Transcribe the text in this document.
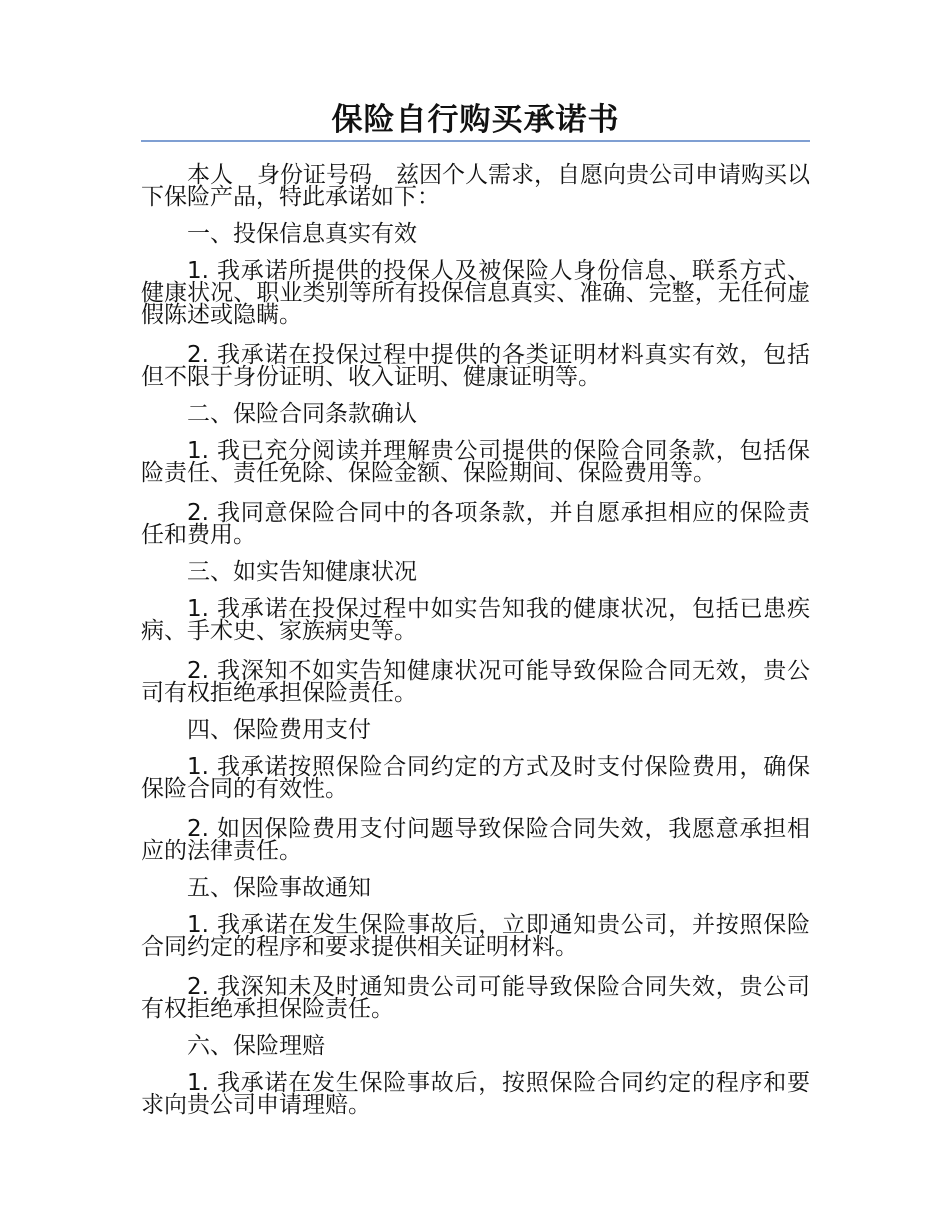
保险自行购买承诺书

本人 身份证号码 兹因个人需求，自愿向贵公司申请购买以下保险产品，特此承诺如下：

一、投保信息真实有效

1. 我承诺所提供的投保人及被保险人身份信息、联系方式、健康状况、职业类别等所有投保信息真实、准确、完整，无任何虚假陈述或隐瞒。

2. 我承诺在投保过程中提供的各类证明材料真实有效，包括但不限于身份证明、收入证明、健康证明等。

二、保险合同条款确认

1. 我已充分阅读并理解贵公司提供的保险合同条款，包括保险责任、责任免除、保险金额、保险期间、保险费用等。

2. 我同意保险合同中的各项条款，并自愿承担相应的保险责任和费用。

三、如实告知健康状况

1. 我承诺在投保过程中如实告知我的健康状况，包括已患疾病、手术史、家族病史等。

2. 我深知不如实告知健康状况可能导致保险合同无效，贵公司有权拒绝承担保险责任。

四、保险费用支付

1. 我承诺按照保险合同约定的方式及时支付保险费用，确保保险合同的有效性。

2. 如因保险费用支付问题导致保险合同失效，我愿意承担相应的法律责任。

五、保险事故通知

1. 我承诺在发生保险事故后，立即通知贵公司，并按照保险合同约定的程序和要求提供相关证明材料。

2. 我深知未及时通知贵公司可能导致保险合同失效，贵公司有权拒绝承担保险责任。

六、保险理赔

1. 我承诺在发生保险事故后，按照保险合同约定的程序和要求向贵公司申请理赔。
